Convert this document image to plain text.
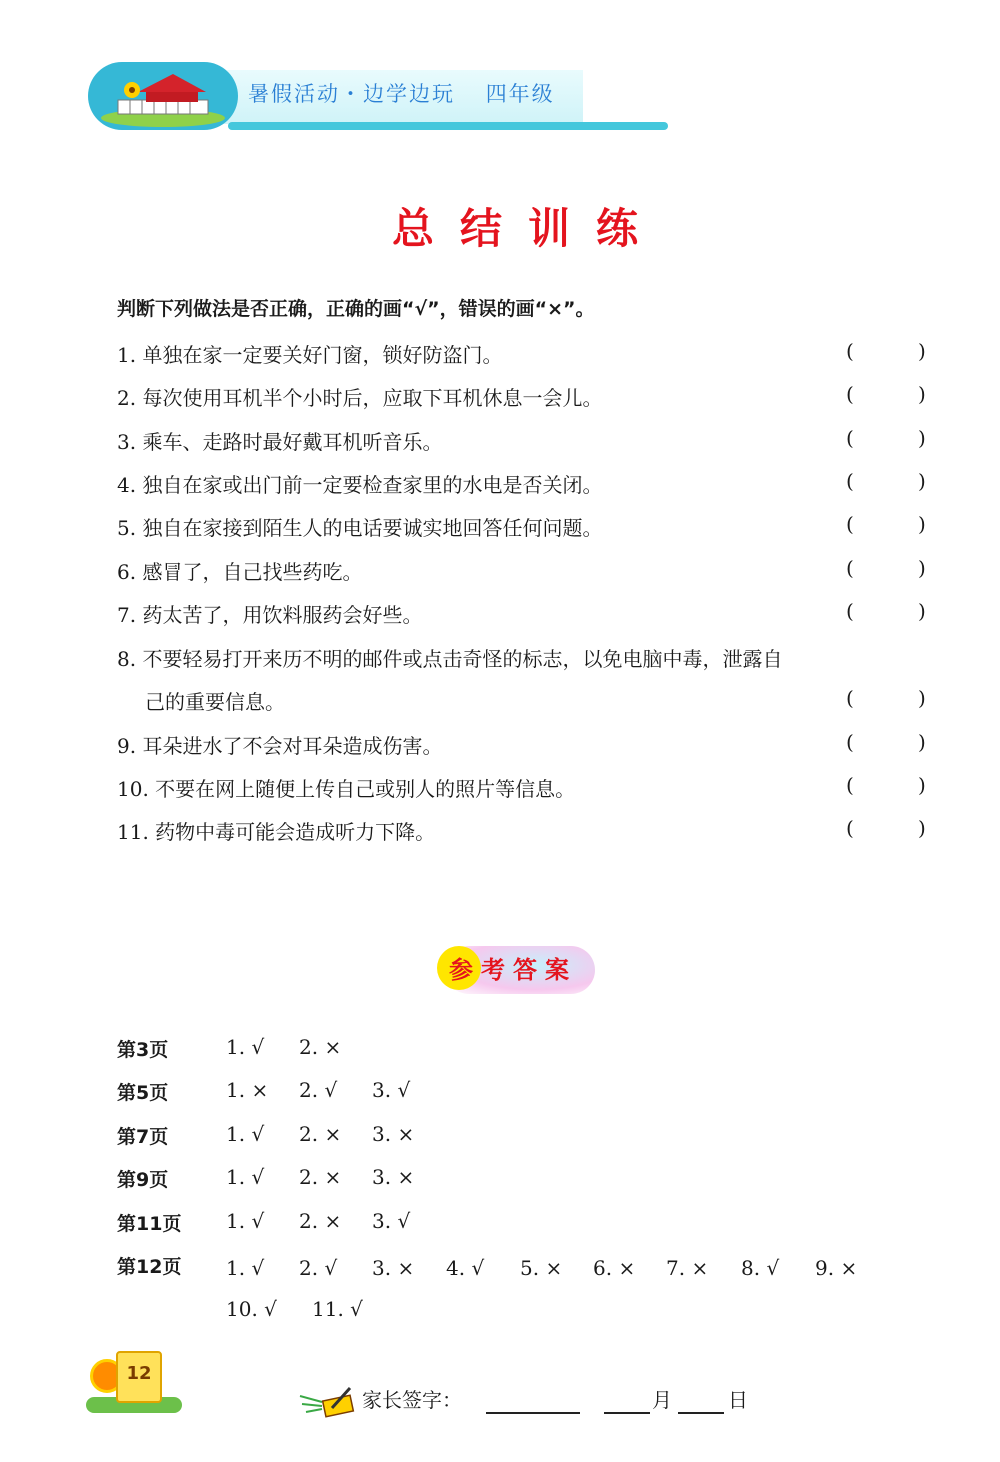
暑假活动・边学边玩 四年级
总结训练
判断下列做法是否正确，正确的画“√”，错误的画“×”。
1. 单独在家一定要关好门窗，锁好防盗门。	(	)
2. 每次使用耳机半个小时后，应取下耳机休息一会儿。	(	)
3. 乘车、走路时最好戴耳机听音乐。	(	)
4. 独自在家或出门前一定要检查家里的水电是否关闭。	(	)
5. 独自在家接到陌生人的电话要诚实地回答任何问题。	(	)
6. 感冒了，自己找些药吃。	(	)
7. 药太苦了，用饮料服药会好些。	(	)
8. 不要轻易打开来历不明的邮件或点击奇怪的标志，以免电脑中毒，泄露自
己的重要信息。	(	)
9. 耳朵进水了不会对耳朵造成伤害。	(	)
10. 不要在网上随便上传自己或别人的照片等信息。	(	)
11. 药物中毒可能会造成听力下降。	(	)
参考答案
第3页	1. √ 2. ×
第5页	1. × 2. √ 3. √
第7页	1. √ 2. × 3. ×
第9页	1. √ 2. × 3. ×
第11页 1. √ 2. × 3. √
第12页 1. √ 2. √ 3. × 4. √ 5. × 6. × 7. × 8. √ 9. ×
10. √ 11. √
12
家长签字：	月	日
